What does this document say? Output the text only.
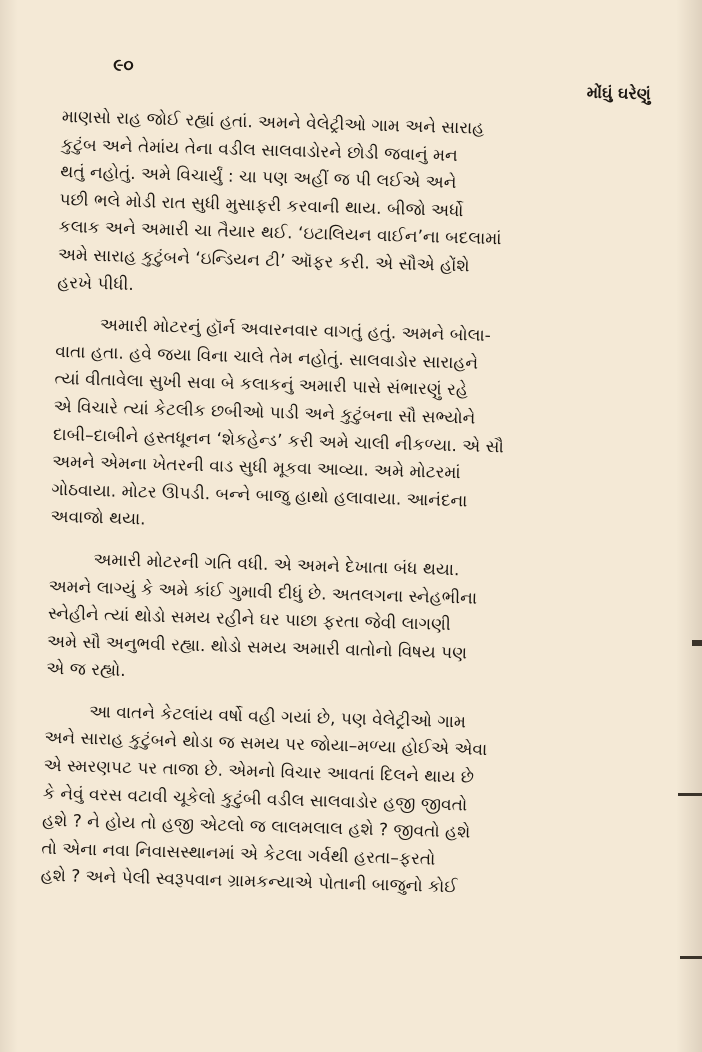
૯૦
મોંઘું ઘરેણું

માણસો રાહ જોઈ રહ્યાં હતાં. અમને વેલેટ્રીઓ ગામ અને સારાહ
કુટુંબ અને તેમાંય તેના વડીલ સાલવાડોરને છોડી જવાનું મન
થતું નહોતું. અમે વિચાર્યું : ચા પણ અહીં જ પી લઈએ અને
પછી ભલે મોડી રાત સુધી મુસાફરી કરવાની થાય. બીજો અર્ધો
કલાક અને અમારી ચા તૈયાર થઈ. ‘ઇટાલિયન વાઈન’ના બદલામાં
અમે સારાહ કુટુંબને ‘ઇન્ડિયન ટી’ ઑફર કરી. એ સૌએ હોંશે
હરખે પીધી.

અમારી મોટરનું હૉર્ન અવારનવાર વાગતું હતું. અમને બોલા-
વાતા હતા. હવે જયા વિના ચાલે તેમ નહોતું. સાલવાડોર સારાહને
ત્યાં વીતાવેલા સુખી સવા બે કલાકનું અમારી પાસે સંભારણું રહે
એ વિચારે ત્યાં કેટલીક છબીઓ પાડી અને કુટુંબના સૌ સભ્યોને
દાબી–દાબીને હસ્તધૂનન ‘શેકહેન્ડ’ કરી અમે ચાલી નીકળ્યા. એ સૌ
અમને એમના ખેતરની વાડ સુધી મૂકવા આવ્યા. અમે મોટરમાં
ગોઠવાયા. મોટર ઊપડી. બન્ને બાજુ હાથો હલાવાયા. આનંદના
અવાજો થયા.

અમારી મોટરની ગતિ વધી. એ અમને દેખાતા બંધ થયા.
અમને લાગ્યું કે અમે કાંઈ ગુમાવી દીધું છે. અતલગના સ્નેહભીના
સ્નેહીને ત્યાં થોડો સમય રહીને ઘર પાછા ફરતા જેવી લાગણી
અમે સૌ અનુભવી રહ્યા. થોડો સમય અમારી વાતોનો વિષય પણ
એ જ રહ્યો.

આ વાતને કેટલાંય વર્ષો વહી ગયાં છે, પણ વેલેટ્રીઓ ગામ
અને સારાહ કુટુંબને થોડા જ સમય પર જોયા–મળ્યા હોઈએ એવા
એ સ્મરણપટ પર તાજા છે. એમનો વિચાર આવતાં દિલને થાય છે
કે નેવું વરસ વટાવી ચૂકેલો કુટુંબી વડીલ સાલવાડોર હજી જીવતો
હશે ? ને હોય તો હજી એટલો જ લાલમલાલ હશે ? જીવતો હશે
તો એના નવા નિવાસસ્થાનમાં એ કેટલા ગર્વથી હરતા–ફરતો
હશે ? અને પેલી સ્વરૂપવાન ગ્રામકન્યાએ પોતાની બાજુનો કોઈ
